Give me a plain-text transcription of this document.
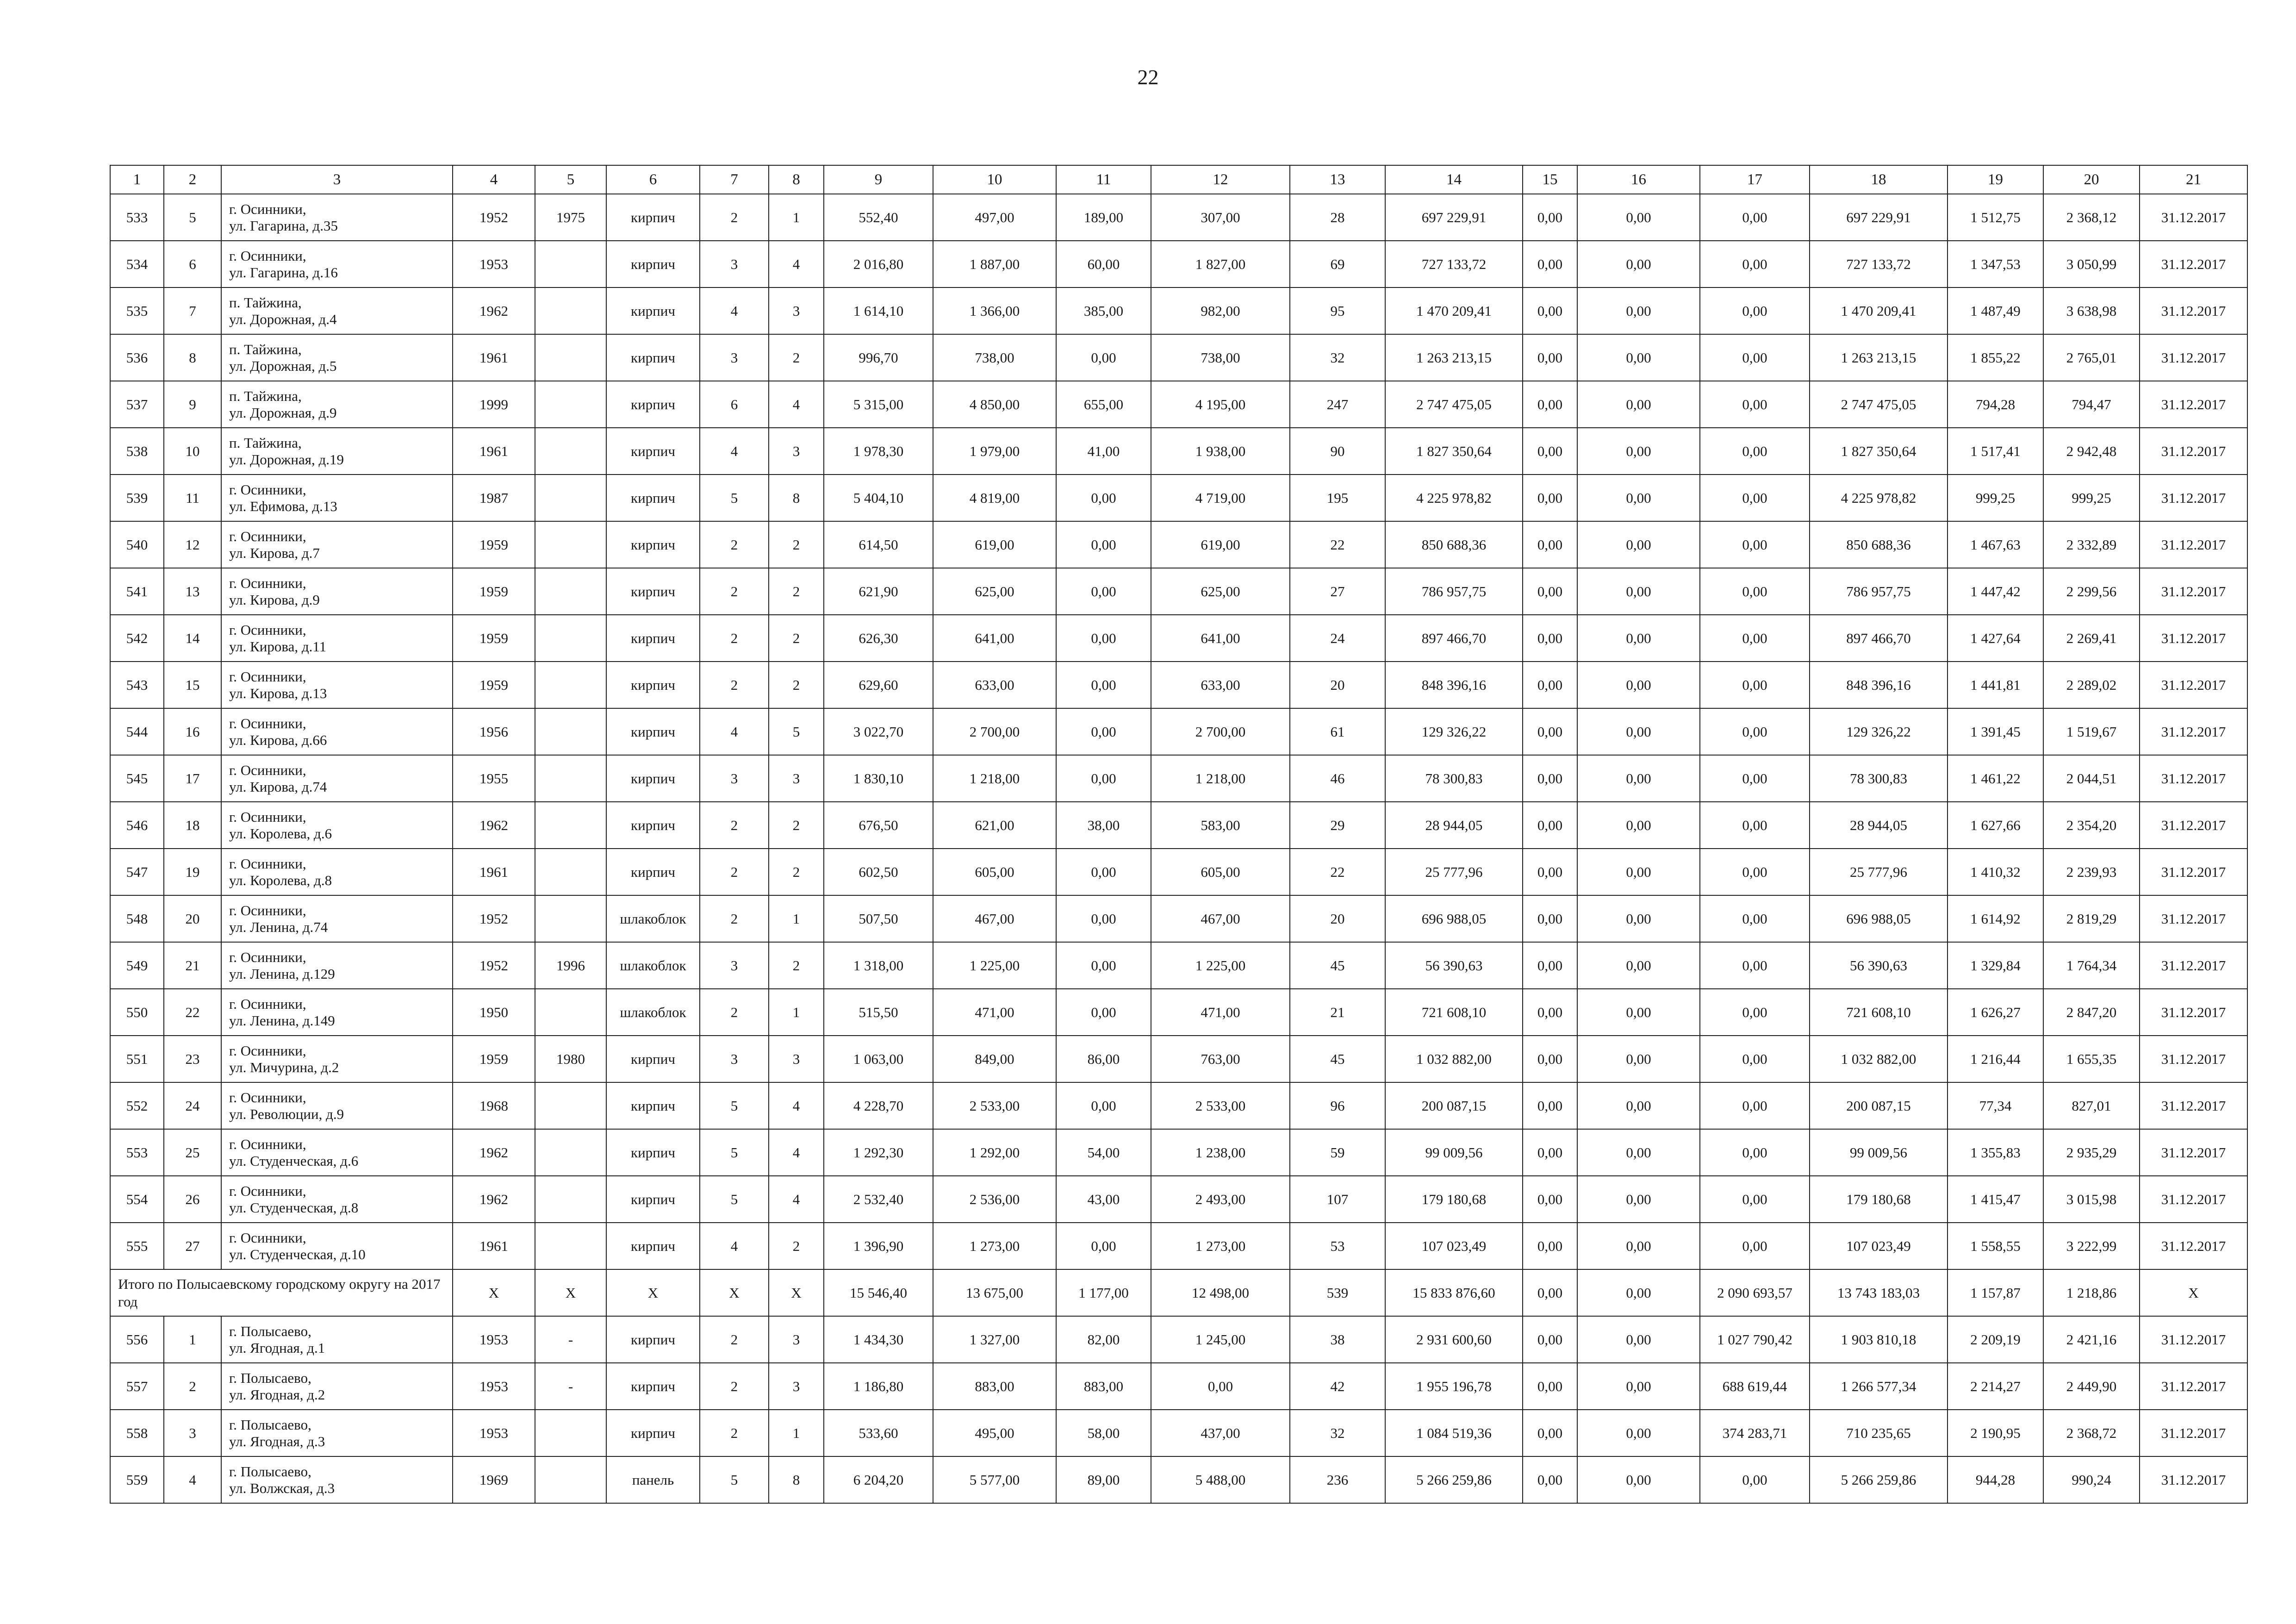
22
1	2	3	4	5	6	7	8	9	10	11	12	13	14	15	16	17	18	19	20	21
533	5	г. Осинники,
ул. Гагарина, д.35	1952	1975	кирпич	2	1	552,40	497,00	189,00	307,00	28	697 229,91	0,00	0,00	0,00	697 229,91	1 512,75	2 368,12	31.12.2017
534	6	г. Осинники,
ул. Гагарина, д.16	1953		кирпич	3	4	2 016,80	1 887,00	60,00	1 827,00	69	727 133,72	0,00	0,00	0,00	727 133,72	1 347,53	3 050,99	31.12.2017
535	7	п. Тайжина,
ул. Дорожная, д.4	1962		кирпич	4	3	1 614,10	1 366,00	385,00	982,00	95	1 470 209,41	0,00	0,00	0,00	1 470 209,41	1 487,49	3 638,98	31.12.2017
536	8	п. Тайжина,
ул. Дорожная, д.5	1961		кирпич	3	2	996,70	738,00	0,00	738,00	32	1 263 213,15	0,00	0,00	0,00	1 263 213,15	1 855,22	2 765,01	31.12.2017
537	9	п. Тайжина,
ул. Дорожная, д.9	1999		кирпич	6	4	5 315,00	4 850,00	655,00	4 195,00	247	2 747 475,05	0,00	0,00	0,00	2 747 475,05	794,28	794,47	31.12.2017
538	10	п. Тайжина,
ул. Дорожная, д.19	1961		кирпич	4	3	1 978,30	1 979,00	41,00	1 938,00	90	1 827 350,64	0,00	0,00	0,00	1 827 350,64	1 517,41	2 942,48	31.12.2017
539	11	г. Осинники,
ул. Ефимова, д.13	1987		кирпич	5	8	5 404,10	4 819,00	0,00	4 719,00	195	4 225 978,82	0,00	0,00	0,00	4 225 978,82	999,25	999,25	31.12.2017
540	12	г. Осинники,
ул. Кирова, д.7	1959		кирпич	2	2	614,50	619,00	0,00	619,00	22	850 688,36	0,00	0,00	0,00	850 688,36	1 467,63	2 332,89	31.12.2017
541	13	г. Осинники,
ул. Кирова, д.9	1959		кирпич	2	2	621,90	625,00	0,00	625,00	27	786 957,75	0,00	0,00	0,00	786 957,75	1 447,42	2 299,56	31.12.2017
542	14	г. Осинники,
ул. Кирова, д.11	1959		кирпич	2	2	626,30	641,00	0,00	641,00	24	897 466,70	0,00	0,00	0,00	897 466,70	1 427,64	2 269,41	31.12.2017
543	15	г. Осинники,
ул. Кирова, д.13	1959		кирпич	2	2	629,60	633,00	0,00	633,00	20	848 396,16	0,00	0,00	0,00	848 396,16	1 441,81	2 289,02	31.12.2017
544	16	г. Осинники,
ул. Кирова, д.66	1956		кирпич	4	5	3 022,70	2 700,00	0,00	2 700,00	61	129 326,22	0,00	0,00	0,00	129 326,22	1 391,45	1 519,67	31.12.2017
545	17	г. Осинники,
ул. Кирова, д.74	1955		кирпич	3	3	1 830,10	1 218,00	0,00	1 218,00	46	78 300,83	0,00	0,00	0,00	78 300,83	1 461,22	2 044,51	31.12.2017
546	18	г. Осинники,
ул. Королева, д.6	1962		кирпич	2	2	676,50	621,00	38,00	583,00	29	28 944,05	0,00	0,00	0,00	28 944,05	1 627,66	2 354,20	31.12.2017
547	19	г. Осинники,
ул. Королева, д.8	1961		кирпич	2	2	602,50	605,00	0,00	605,00	22	25 777,96	0,00	0,00	0,00	25 777,96	1 410,32	2 239,93	31.12.2017
548	20	г. Осинники,
ул. Ленина, д.74	1952		шлакоблок	2	1	507,50	467,00	0,00	467,00	20	696 988,05	0,00	0,00	0,00	696 988,05	1 614,92	2 819,29	31.12.2017
549	21	г. Осинники,
ул. Ленина, д.129	1952	1996	шлакоблок	3	2	1 318,00	1 225,00	0,00	1 225,00	45	56 390,63	0,00	0,00	0,00	56 390,63	1 329,84	1 764,34	31.12.2017
550	22	г. Осинники,
ул. Ленина, д.149	1950		шлакоблок	2	1	515,50	471,00	0,00	471,00	21	721 608,10	0,00	0,00	0,00	721 608,10	1 626,27	2 847,20	31.12.2017
551	23	г. Осинники,
ул. Мичурина, д.2	1959	1980	кирпич	3	3	1 063,00	849,00	86,00	763,00	45	1 032 882,00	0,00	0,00	0,00	1 032 882,00	1 216,44	1 655,35	31.12.2017
552	24	г. Осинники,
ул. Революции, д.9	1968		кирпич	5	4	4 228,70	2 533,00	0,00	2 533,00	96	200 087,15	0,00	0,00	0,00	200 087,15	77,34	827,01	31.12.2017
553	25	г. Осинники,
ул. Студенческая, д.6	1962		кирпич	5	4	1 292,30	1 292,00	54,00	1 238,00	59	99 009,56	0,00	0,00	0,00	99 009,56	1 355,83	2 935,29	31.12.2017
554	26	г. Осинники,
ул. Студенческая, д.8	1962		кирпич	5	4	2 532,40	2 536,00	43,00	2 493,00	107	179 180,68	0,00	0,00	0,00	179 180,68	1 415,47	3 015,98	31.12.2017
555	27	г. Осинники,
ул. Студенческая, д.10	1961		кирпич	4	2	1 396,90	1 273,00	0,00	1 273,00	53	107 023,49	0,00	0,00	0,00	107 023,49	1 558,55	3 222,99	31.12.2017
Итого по Полысаевскому городскому округу на 2017 год			X	X	X	X	X	15 546,40	13 675,00	1 177,00	12 498,00	539	15 833 876,60	0,00	0,00	2 090 693,57	13 743 183,03	1 157,87	1 218,86	X
556	1	г. Полысаево,
ул. Ягодная, д.1	1953	-	кирпич	2	3	1 434,30	1 327,00	82,00	1 245,00	38	2 931 600,60	0,00	0,00	1 027 790,42	1 903 810,18	2 209,19	2 421,16	31.12.2017
557	2	г. Полысаево,
ул. Ягодная, д.2	1953	-	кирпич	2	3	1 186,80	883,00	883,00	0,00	42	1 955 196,78	0,00	0,00	688 619,44	1 266 577,34	2 214,27	2 449,90	31.12.2017
558	3	г. Полысаево,
ул. Ягодная, д.3	1953		кирпич	2	1	533,60	495,00	58,00	437,00	32	1 084 519,36	0,00	0,00	374 283,71	710 235,65	2 190,95	2 368,72	31.12.2017
559	4	г. Полысаево,
ул. Волжская, д.3	1969		панель	5	8	6 204,20	5 577,00	89,00	5 488,00	236	5 266 259,86	0,00	0,00	0,00	5 266 259,86	944,28	990,24	31.12.2017
